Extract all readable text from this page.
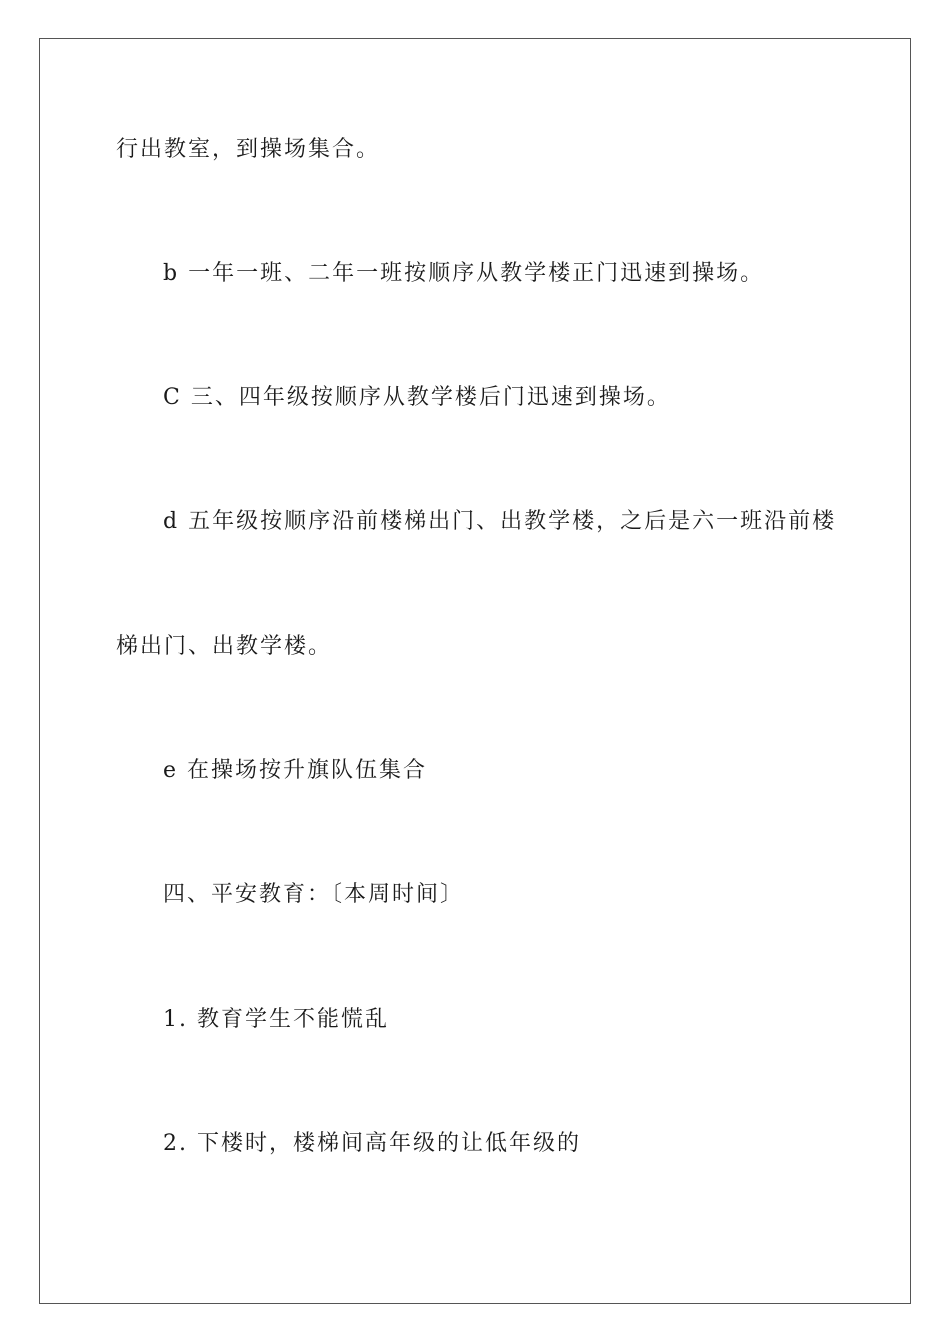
行出教室，到操场集合。
b 一年一班、二年一班按顺序从教学楼正门迅速到操场。
C 三、四年级按顺序从教学楼后门迅速到操场。
d 五年级按顺序沿前楼梯出门、出教学楼，之后是六一班沿前楼
梯出门、出教学楼。
e 在操场按升旗队伍集合
四、平安教育：〔本周时间〕
1. 教育学生不能慌乱
2. 下楼时，楼梯间高年级的让低年级的
